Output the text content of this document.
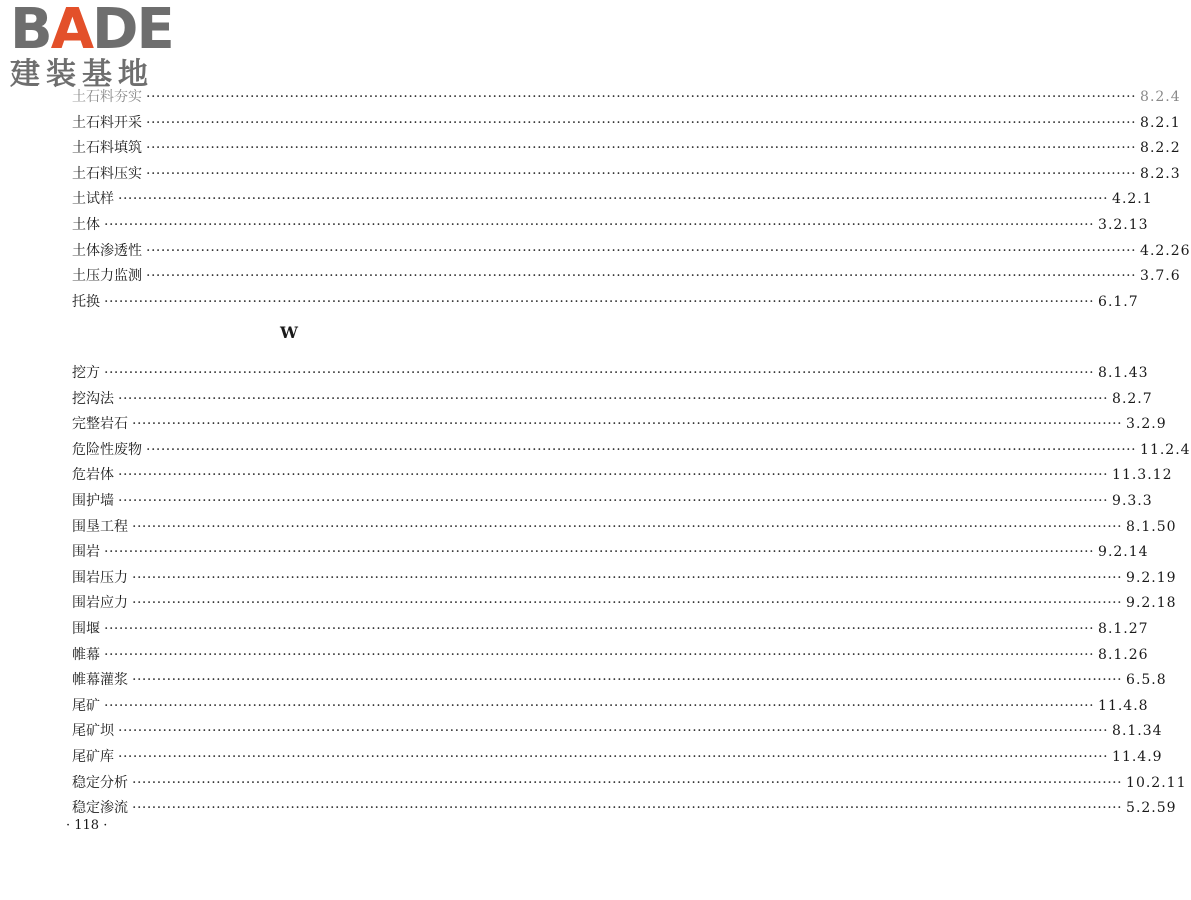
BADE
建装基地
土石料夯实 ········································································································································································································ 8.2.4
土石料开采 ········································································································································································································ 8.2.1
土石料填筑 ········································································································································································································ 8.2.2
土石料压实 ········································································································································································································ 8.2.3
土试样 ········································································································································································································ 4.2.1
土体 ········································································································································································································ 3.2.13
土体渗透性 ········································································································································································································ 4.2.26
土压力监测 ········································································································································································································ 3.7.6
托换 ········································································································································································································ 6.1.7
W
挖方 ········································································································································································································ 8.1.43
挖沟法 ········································································································································································································ 8.2.7
完整岩石 ········································································································································································································ 3.2.9
危险性废物 ········································································································································································································ 11.2.4
危岩体 ········································································································································································································ 11.3.12
围护墙 ········································································································································································································ 9.3.3
围垦工程 ········································································································································································································ 8.1.50
围岩 ········································································································································································································ 9.2.14
围岩压力 ········································································································································································································ 9.2.19
围岩应力 ········································································································································································································ 9.2.18
围堰 ········································································································································································································ 8.1.27
帷幕 ········································································································································································································ 8.1.26
帷幕灌浆 ········································································································································································································ 6.5.8
尾矿 ········································································································································································································ 11.4.8
尾矿坝 ········································································································································································································ 8.1.34
尾矿库 ········································································································································································································ 11.4.9
稳定分析 ········································································································································································································ 10.2.11
稳定渗流 ········································································································································································································ 5.2.59
· 118 ·
